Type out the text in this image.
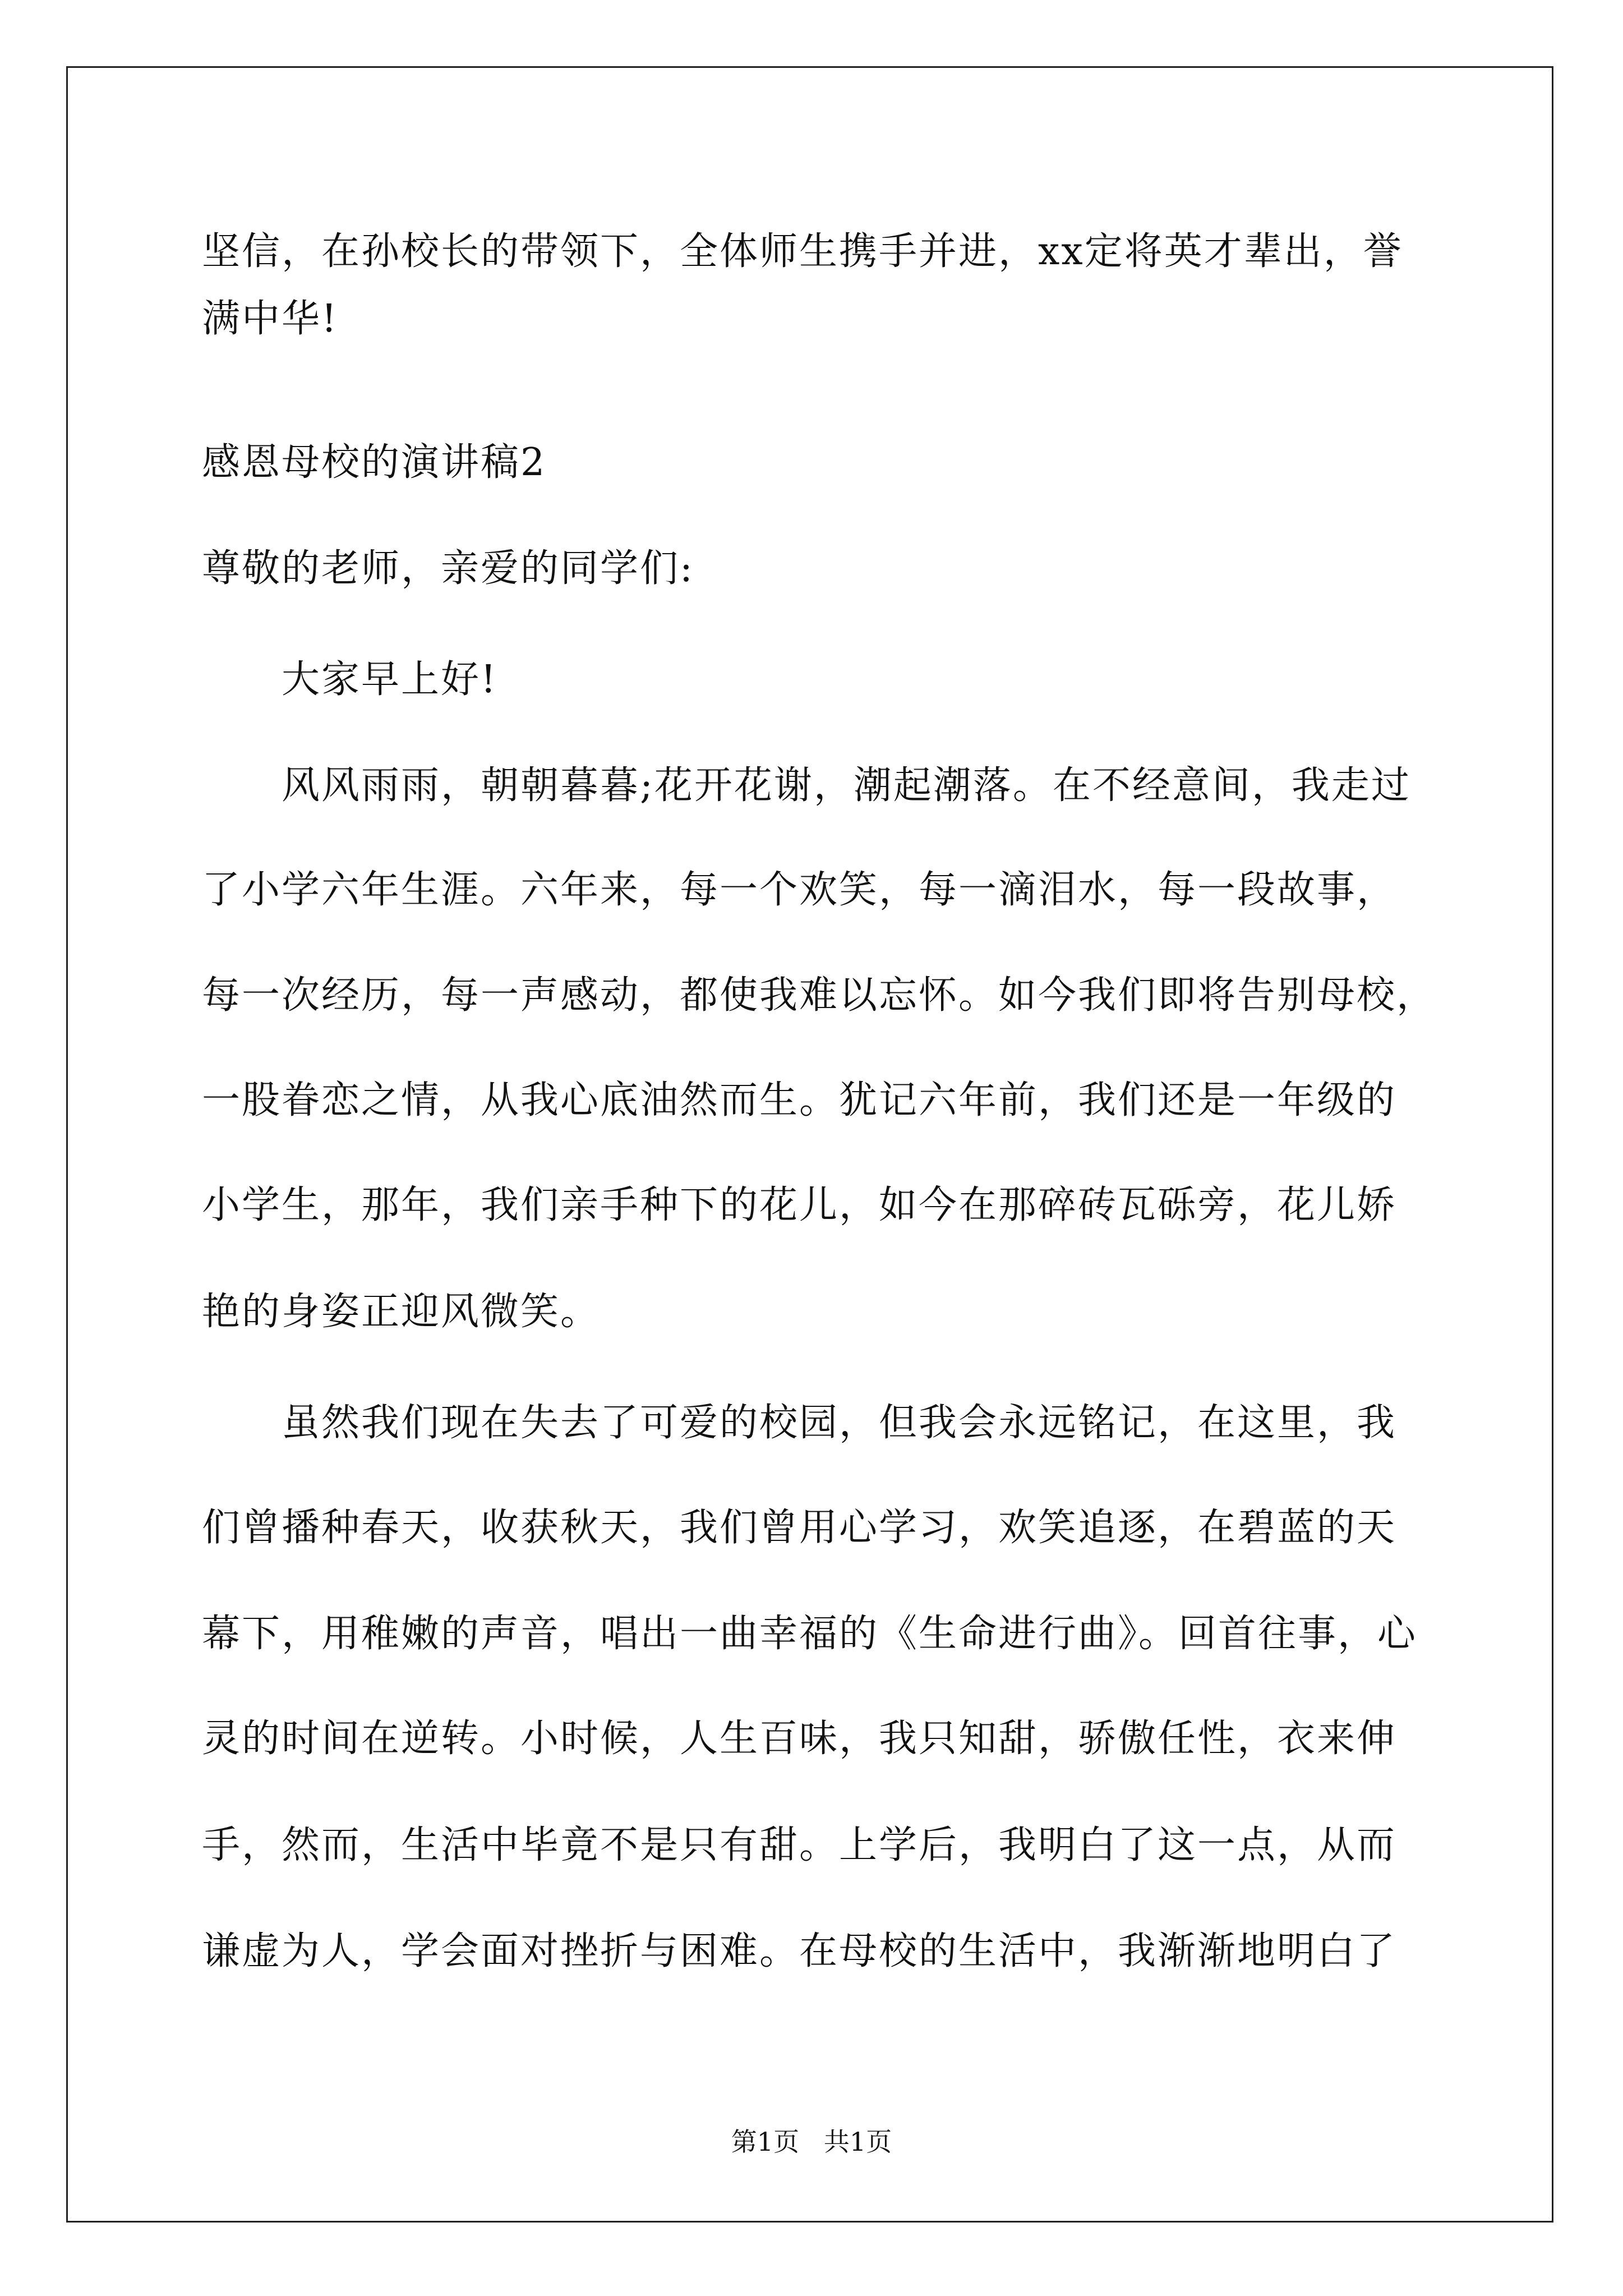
坚信，在孙校长的带领下，全体师生携手并进，xx定将英才辈出，誉
满中华!
感恩母校的演讲稿2
尊敬的老师，亲爱的同学们:
大家早上好!
风风雨雨，朝朝暮暮;花开花谢，潮起潮落。在不经意间，我走过
了小学六年生涯。六年来，每一个欢笑，每一滴泪水，每一段故事，
每一次经历，每一声感动，都使我难以忘怀。如今我们即将告别母校，
一股眷恋之情，从我心底油然而生。犹记六年前，我们还是一年级的
小学生，那年，我们亲手种下的花儿，如今在那碎砖瓦砾旁，花儿娇
艳的身姿正迎风微笑。
虽然我们现在失去了可爱的校园，但我会永远铭记，在这里，我
们曾播种春天，收获秋天，我们曾用心学习，欢笑追逐，在碧蓝的天
幕下，用稚嫩的声音，唱出一曲幸福的《生命进行曲》。回首往事，心
灵的时间在逆转。小时候，人生百味，我只知甜，骄傲任性，衣来伸
手，然而，生活中毕竟不是只有甜。上学后，我明白了这一点，从而
谦虚为人，学会面对挫折与困难。在母校的生活中，我渐渐地明白了
第1页   共1页
